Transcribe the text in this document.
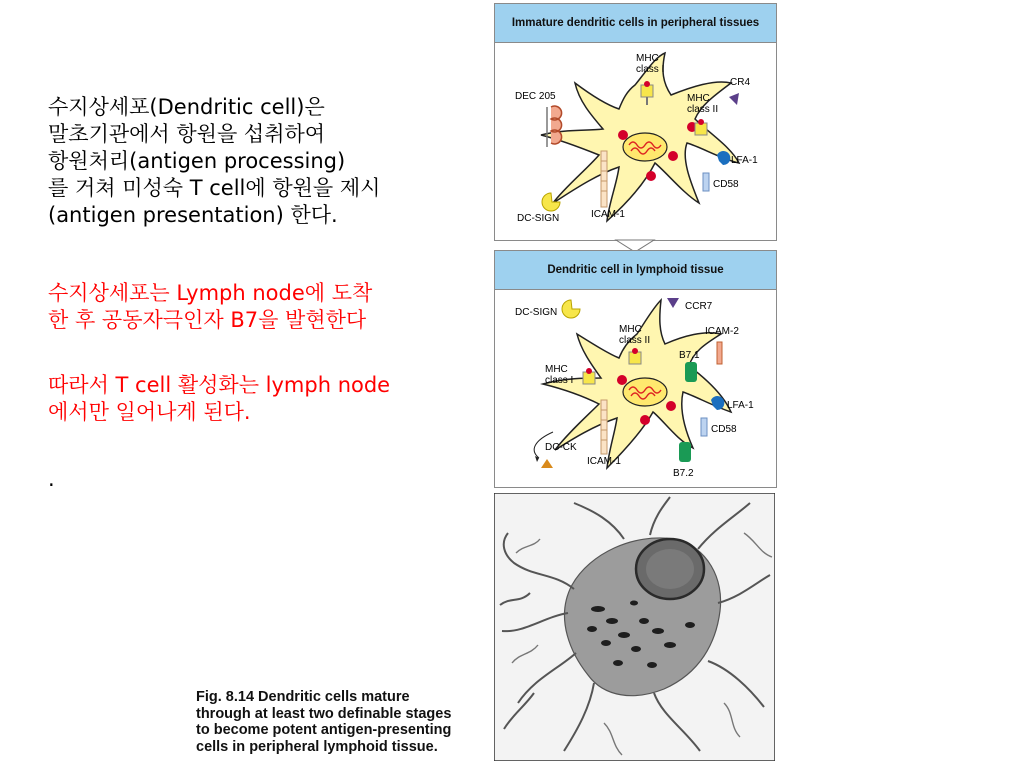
수지상세포(Dendritic cell)은
말초기관에서 항원을 섭취하여
항원처리(antigen processing)
를 거쳐 미성숙 T cell에 항원을 제시
(antigen presentation) 한다.

수지상세포는 Lymph node에 도착
한 후 공동자극인자 B7을 발현한다

따라서 T cell 활성화는 lymph node
에서만 일어나게 된다.

.

Immature dendritic cells in peripheral tissues
DEC 205
MHC class I
CR4
MHC class II
LFA-1
CD58
ICAM-1
DC-SIGN
Dendritic cell in lymphoid tissue
DC-SIGN
CCR7
MHC class II
ICAM-2
B7.1
MHC class I
LFA-1
CD58
ICAM-1
B7.2
DC-CK
Fig. 8.14 Dendritic cells mature
through at least two definable stages
to become potent antigen-presenting
cells in peripheral lymphoid tissue.
